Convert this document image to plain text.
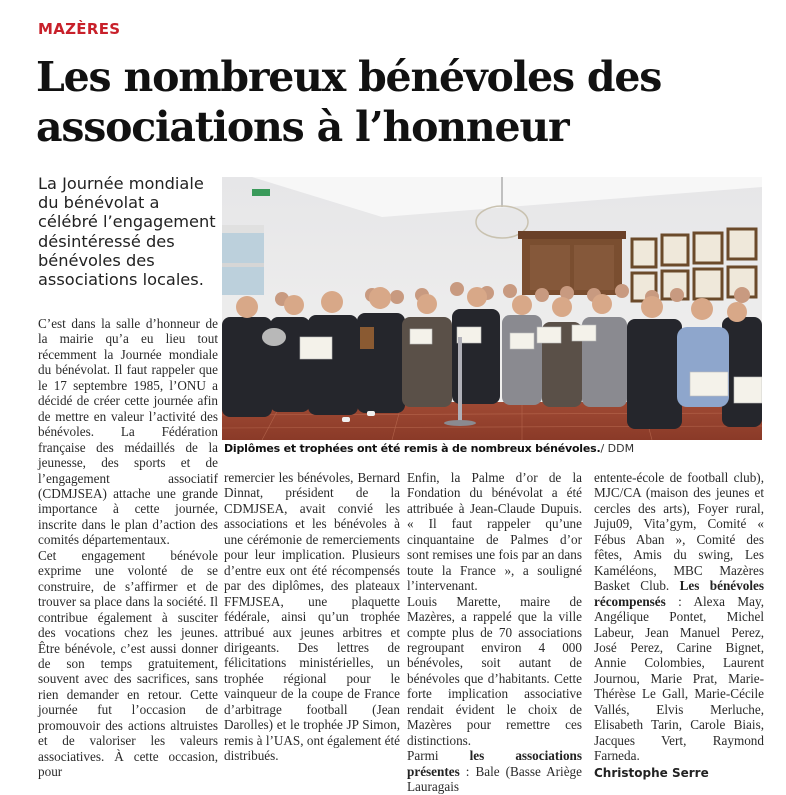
MAZÈRES
Les nombreux bénévoles des associations à l’honneur

La Journée mondiale du bénévolat a célébré l’engagement désintéressé des bénévoles des associations locales.

C’est dans la salle d’honneur de la mairie qu’a eu lieu tout récemment la Journée mondiale du bénévolat. Il faut rappeler que le 17 septembre 1985, l’ONU a décidé de créer cette journée afin de mettre en valeur l’activité des bénévoles. La Fédération française des médaillés de la jeunesse, des sports et de l’engagement associatif (CDMJSEA) attache une grande importance à cette journée, inscrite dans le plan d’action des comités départementaux.

Cet engagement bénévole exprime une volonté de se construire, de s’affirmer et de trouver sa place dans la société. Il contribue également à susciter des vocations chez les jeunes. Être bénévole, c’est aussi donner de son temps gratuitement, souvent avec des sacrifices, sans rien demander en retour. Cette journée fut l’occasion de promouvoir des actions altruistes et de valoriser les valeurs associatives. À cette occasion, pour

Diplômes et trophées ont été remis à de nombreux bénévoles./ DDM

remercier les bénévoles, Bernard Dinnat, président de la CDMJSEA, avait convié les associations et les bénévoles à une cérémonie de remerciements pour leur implication. Plusieurs d’entre eux ont été récompensés par des diplômes, des plateaux FFMJSEA, une plaquette fédérale, ainsi qu’un trophée attribué aux jeunes arbitres et dirigeants. Des lettres de félicitations ministérielles, un trophée régional pour le vainqueur de la coupe de France d’arbitrage football (Jean Darolles) et le trophée JP Simon, remis à l’UAS, ont également été distribués.

Enfin, la Palme d’or de la Fondation du bénévolat a été attribuée à Jean-Claude Dupuis. « Il faut rappeler qu’une cinquantaine de Palmes d’or sont remises une fois par an dans toute la France », a souligné l’intervenant.

Louis Marette, maire de Mazères, a rappelé que la ville compte plus de 70 associations regroupant environ 4 000 bénévoles, soit autant de bénévoles que d’habitants. Cette forte implication associative rendait évident le choix de Mazères pour remettre ces distinctions.

Parmi les associations présentes : Bale (Basse Ariège Lauragais

entente-école de football club), MJC/CA (maison des jeunes et cercles des arts), Foyer rural, Juju09, Vita’gym, Comité « Fébus Aban », Comité des fêtes, Amis du swing, Les Kaméléons, MBC Mazères Basket Club. Les bénévoles récompensés : Alexa May, Angélique Pontet, Michel Labeur, Jean Manuel Perez, José Perez, Carine Bignet, Annie Colombies, Laurent Journou, Marie Prat, Marie-Thérèse Le Gall, Marie-Cécile Vallés, Elvis Merluche, Elisabeth Tarin, Carole Biais, Jacques Vert, Raymond Farneda.

Christophe Serre
